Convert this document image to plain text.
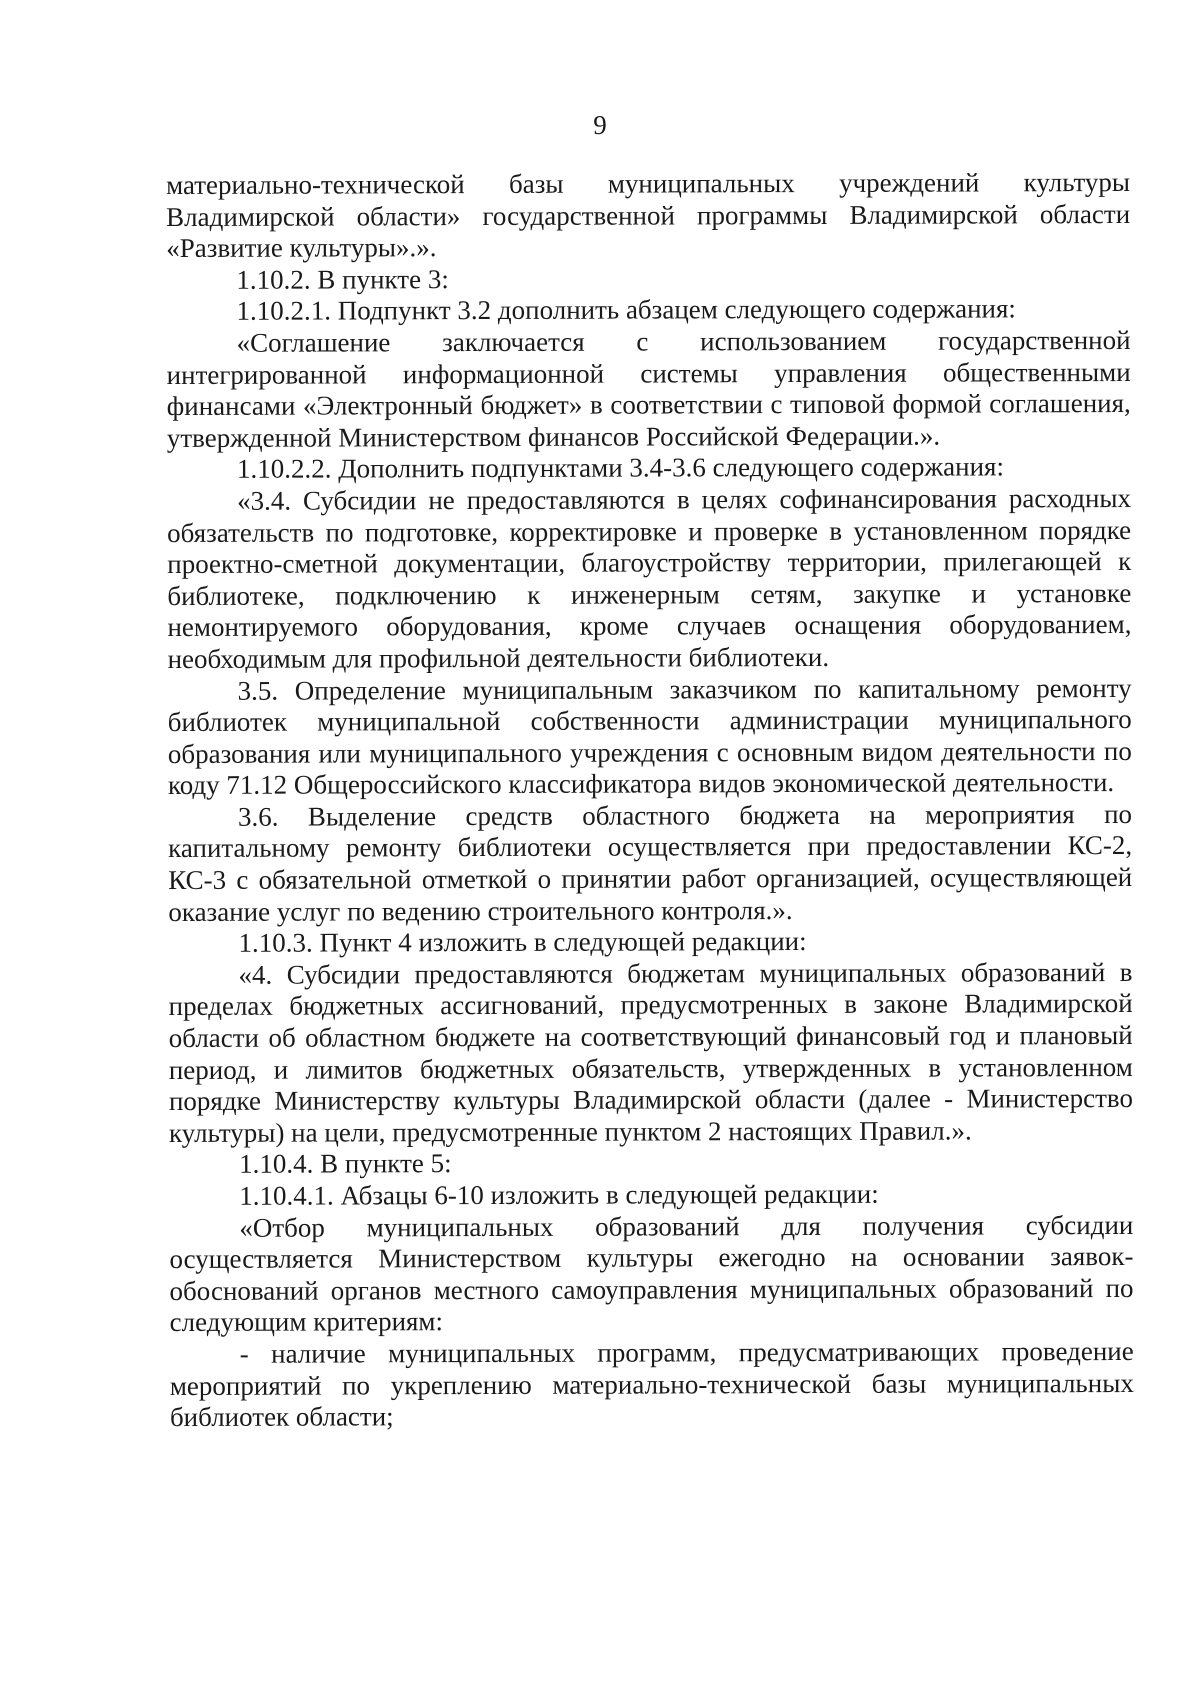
9

материально-технической базы муниципальных учреждений культуры Владимирской области» государственной программы Владимирской области «Развитие культуры».».

1.10.2. В пункте 3:

1.10.2.1. Подпункт 3.2 дополнить абзацем следующего содержания:

«Соглашение заключается с использованием государственной интегрированной информационной системы управления общественными финансами «Электронный бюджет» в соответствии с типовой формой соглашения, утвержденной Министерством финансов Российской Федерации.».

1.10.2.2. Дополнить подпунктами 3.4-3.6 следующего содержания:

«3.4. Субсидии не предоставляются в целях софинансирования расходных обязательств по подготовке, корректировке и проверке в установленном порядке проектно-сметной документации, благоустройству территории, прилегающей к библиотеке, подключению к инженерным сетям, закупке и установке немонтируемого оборудования, кроме случаев оснащения оборудованием, необходимым для профильной деятельности библиотеки.

3.5. Определение муниципальным заказчиком по капитальному ремонту библиотек муниципальной собственности администрации муниципального образования или муниципального учреждения с основным видом деятельности по коду 71.12 Общероссийского классификатора видов экономической деятельности.

3.6. Выделение средств областного бюджета на мероприятия по капитальному ремонту библиотеки осуществляется при предоставлении КС-2, КС-3 с обязательной отметкой о принятии работ организацией, осуществляющей оказание услуг по ведению строительного контроля.».

1.10.3. Пункт 4 изложить в следующей редакции:

«4. Субсидии предоставляются бюджетам муниципальных образований в пределах бюджетных ассигнований, предусмотренных в законе Владимирской области об областном бюджете на соответствующий финансовый год и плановый период, и лимитов бюджетных обязательств, утвержденных в установленном порядке Министерству культуры Владимирской области (далее - Министерство культуры) на цели, предусмотренные пунктом 2 настоящих Правил.».

1.10.4. В пункте 5:

1.10.4.1. Абзацы 6-10 изложить в следующей редакции:

«Отбор муниципальных образований для получения субсидии осуществляется Министерством культуры ежегодно на основании заявок-обоснований органов местного самоуправления муниципальных образований по следующим критериям:

- наличие муниципальных программ, предусматривающих проведение мероприятий по укреплению материально-технической базы муниципальных библиотек области;
